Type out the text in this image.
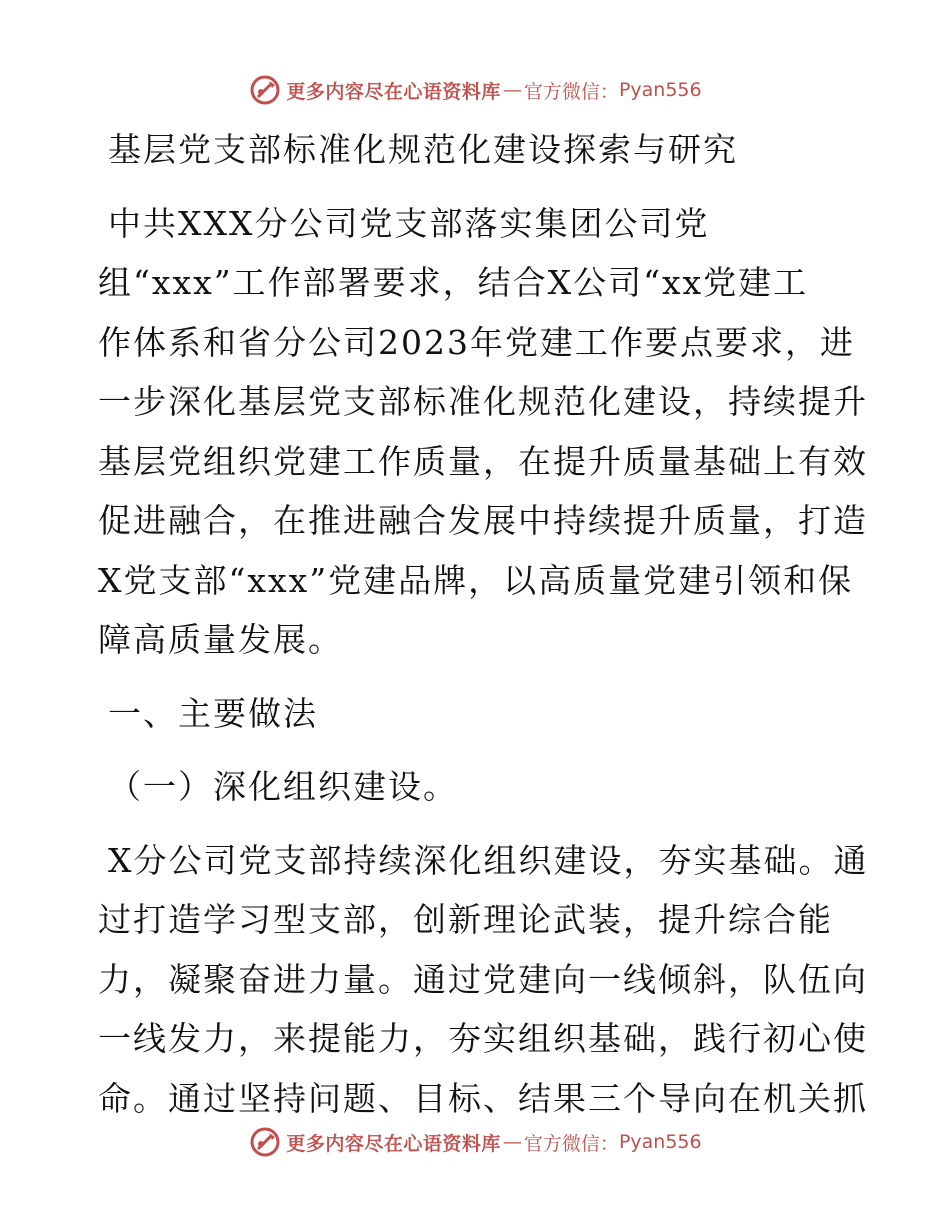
更多内容尽在心语资料库 — 官方微信： Pyan556
基层党支部标准化规范化建设探索与研究
中共XXX分公司党支部落实集团公司党
组“xxx”工作部署要求，结合X公司“xx党建工
作体系和省分公司2023年党建工作要点要求，进
一步深化基层党支部标准化规范化建设，持续提升
基层党组织党建工作质量，在提升质量基础上有效
促进融合，在推进融合发展中持续提升质量，打造
X党支部“xxx”党建品牌，以高质量党建引领和保
障高质量发展。
一、主要做法
（一）深化组织建设。
X分公司党支部持续深化组织建设，夯实基础。通
过打造学习型支部，创新理论武装，提升综合能
力，凝聚奋进力量。通过党建向一线倾斜，队伍向
一线发力，来提能力，夯实组织基础，践行初心使
命。通过坚持问题、目标、结果三个导向在机关抓
更多内容尽在心语资料库 — 官方微信： Pyan556
